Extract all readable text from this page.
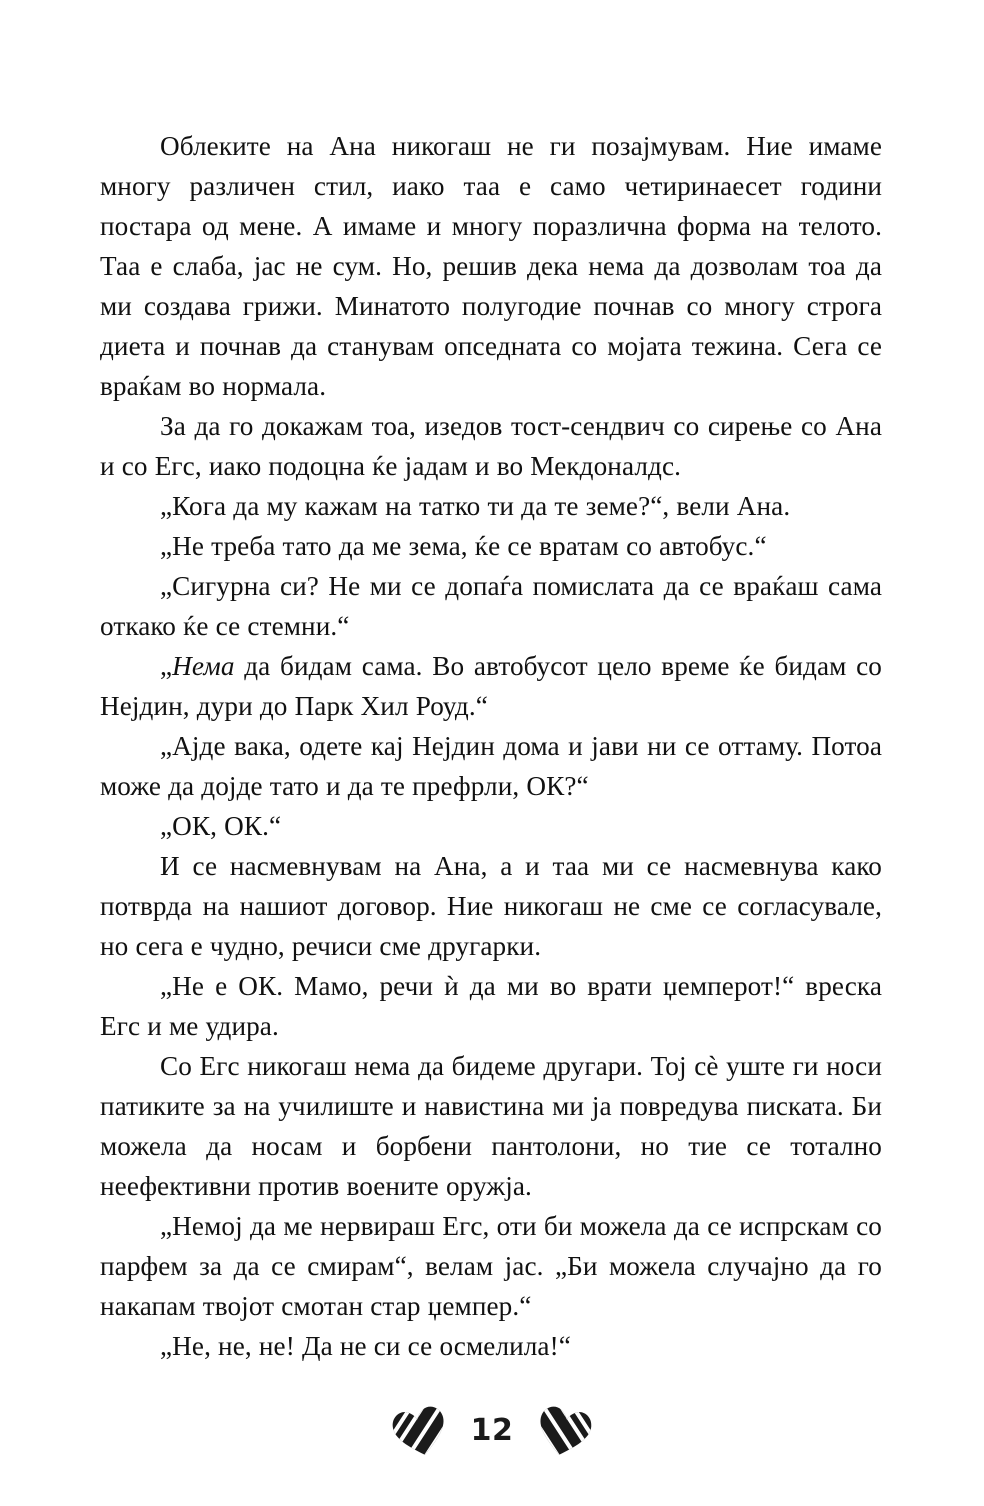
Облеките на Ана никогаш не ги позајмувам. Ние имаме многу различен стил, иако таа е само четиринаесет години постара од мене. А имаме и многу поразлична форма на телото. Таа е слаба, јас не сум. Но, решив дека нема да дозволам тоа да ми создава грижи. Минатото полугодие почнав со многу строга диета и почнав да станувам опседната со мојата тежина. Сега се враќам во нормала.

За да го докажам тоа, изедов тост-сендвич со сирење со Ана и со Егс, иако подоцна ќе јадам и во Мекдоналдс.

„Кога да му кажам на татко ти да те земе?“, вели Ана.

„Не треба тато да ме зема, ќе се вратам со автобус.“

„Сигурна си? Не ми се допаѓа помислата да се враќаш сама откако ќе се стемни.“

„Нема да бидам сама. Во автобусот цело време ќе бидам со Нејдин, дури до Парк Хил Роуд.“

„Ајде вака, одете кај Нејдин дома и јави ни се оттаму. Потоа може да дојде тато и да те префрли, ОК?“

„ОК, ОК.“

И се насмевнувам на Ана, а и таа ми се насмевнува како потврда на нашиот договор. Ние никогаш не сме се согласувале, но сега е чудно, речиси сме другарки.

„Не е ОК. Мамо, речи ѝ да ми во врати џемперот!“ вреска Егс и ме удира.

Со Егс никогаш нема да бидеме другари. Тој сѐ уште ги носи патиките за на училиште и навистина ми ја повредува писката. Би можела да носам и борбени пантолони, но тие се тотално неефективни против воените оружја.

„Немој да ме нервираш Егс, оти би можела да се испрскам со парфем за да се смирам“, велам јас. „Би можела случајно да го накапам твојот смотан стар џемпер.“

„Не, не, не! Да не си се осмелила!“

12
